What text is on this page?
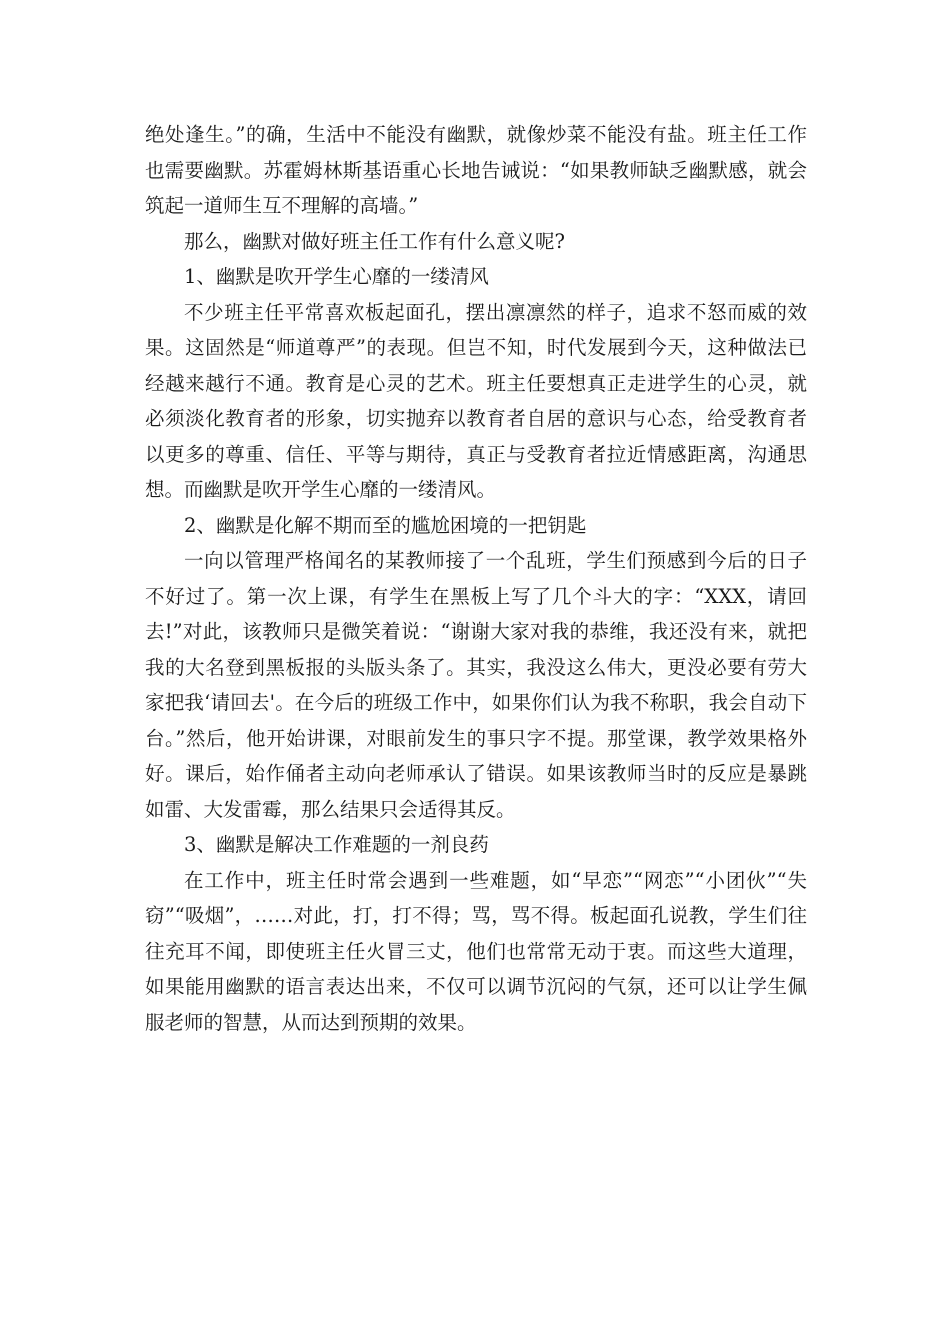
绝处逢生。”的确，生活中不能没有幽默，就像炒菜不能没有盐。班主任工作也需要幽默。苏霍姆林斯基语重心长地告诫说：“如果教师缺乏幽默感，就会筑起一道师生互不理解的高墙。”

那么，幽默对做好班主任工作有什么意义呢?

1、幽默是吹开学生心靡的一缕清风

不少班主任平常喜欢板起面孔，摆出凛凛然的样子，追求不怒而威的效果。这固然是“师道尊严”的表现。但岂不知，时代发展到今天，这种做法已经越来越行不通。教育是心灵的艺术。班主任要想真正走进学生的心灵，就必须淡化教育者的形象，切实抛弃以教育者自居的意识与心态，给受教育者以更多的尊重、信任、平等与期待，真正与受教育者拉近情感距离，沟通思想。而幽默是吹开学生心靡的一缕清风。

2、幽默是化解不期而至的尴尬困境的一把钥匙

一向以管理严格闻名的某教师接了一个乱班，学生们预感到今后的日子不好过了。第一次上课，有学生在黑板上写了几个斗大的字：“XXX，请回去!”对此，该教师只是微笑着说：“谢谢大家对我的恭维，我还没有来，就把我的大名登到黑板报的头版头条了。其实，我没这么伟大，更没必要有劳大家把我‘请回去'。在今后的班级工作中，如果你们认为我不称职，我会自动下台。”然后，他开始讲课，对眼前发生的事只字不提。那堂课，教学效果格外好。课后，始作俑者主动向老师承认了错误。如果该教师当时的反应是暴跳如雷、大发雷霉，那么结果只会适得其反。

3、幽默是解决工作难题的一剂良药

在工作中，班主任时常会遇到一些难题，如“早恋”“网恋”“小团伙”“失窃”“吸烟”，……对此，打，打不得；骂，骂不得。板起面孔说教，学生们往往充耳不闻，即使班主任火冒三丈，他们也常常无动于衷。而这些大道理，如果能用幽默的语言表达出来，不仅可以调节沉闷的气氛，还可以让学生佩服老师的智慧，从而达到预期的效果。
